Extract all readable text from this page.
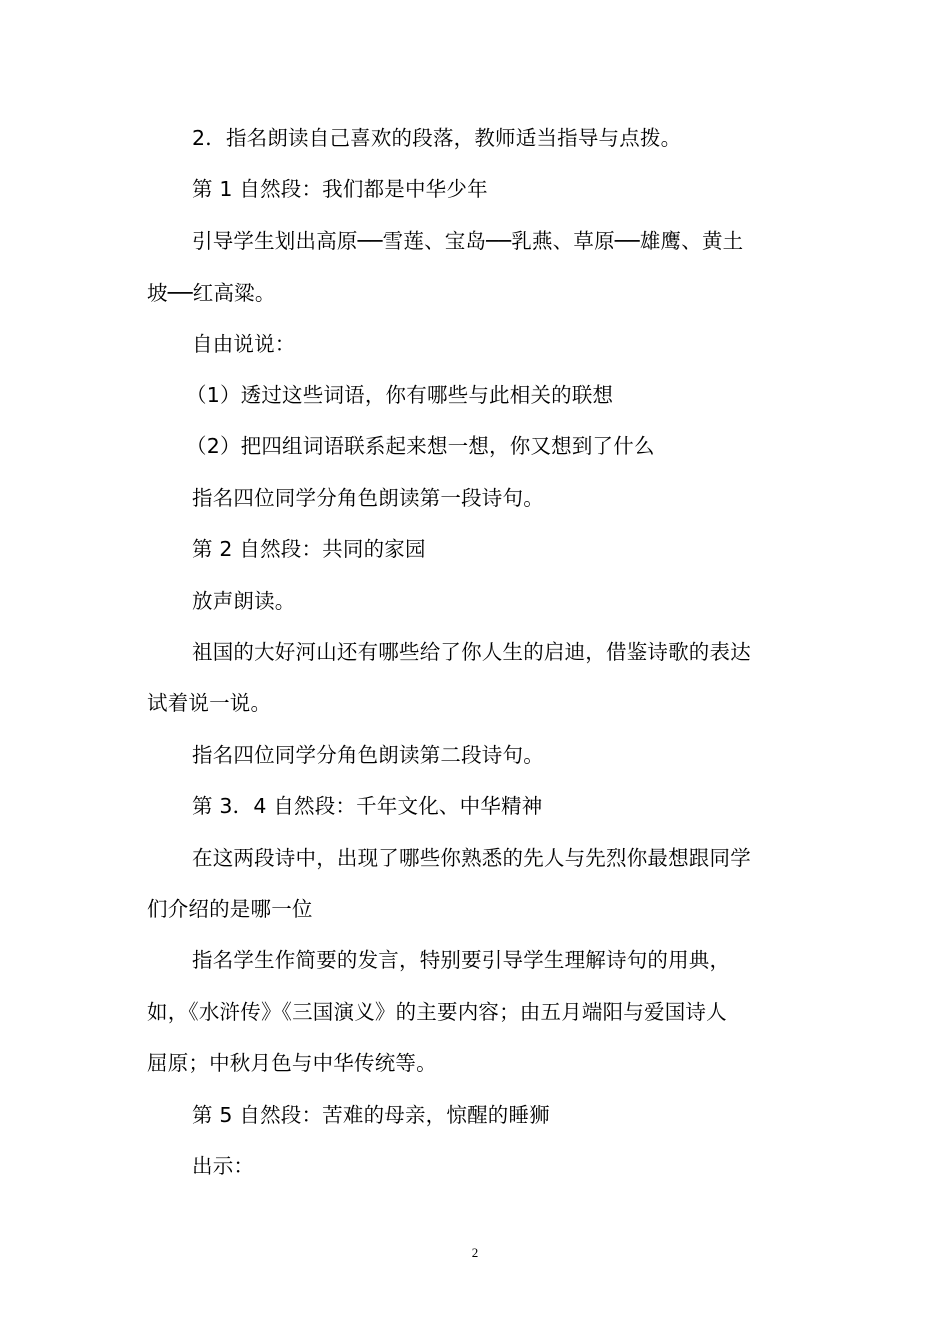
2．指名朗读自己喜欢的段落，教师适当指导与点拨。
第 1 自然段：我们都是中华少年
引导学生划出高原──雪莲、宝岛──乳燕、草原──雄鹰、黄土
坡──红高粱。
自由说说：
（1）透过这些词语，你有哪些与此相关的联想
（2）把四组词语联系起来想一想，你又想到了什么
指名四位同学分角色朗读第一段诗句。
第 2 自然段：共同的家园
放声朗读。
祖国的大好河山还有哪些给了你人生的启迪，借鉴诗歌的表达
试着说一说。
指名四位同学分角色朗读第二段诗句。
第 3．4 自然段：千年文化、中华精神
在这两段诗中，出现了哪些你熟悉的先人与先烈你最想跟同学
们介绍的是哪一位
指名学生作简要的发言，特别要引导学生理解诗句的用典，
如，《水浒传》《三国演义》的主要内容；由五月端阳与爱国诗人
屈原；中秋月色与中华传统等。
第 5 自然段：苦难的母亲，惊醒的睡狮
出示：
2
